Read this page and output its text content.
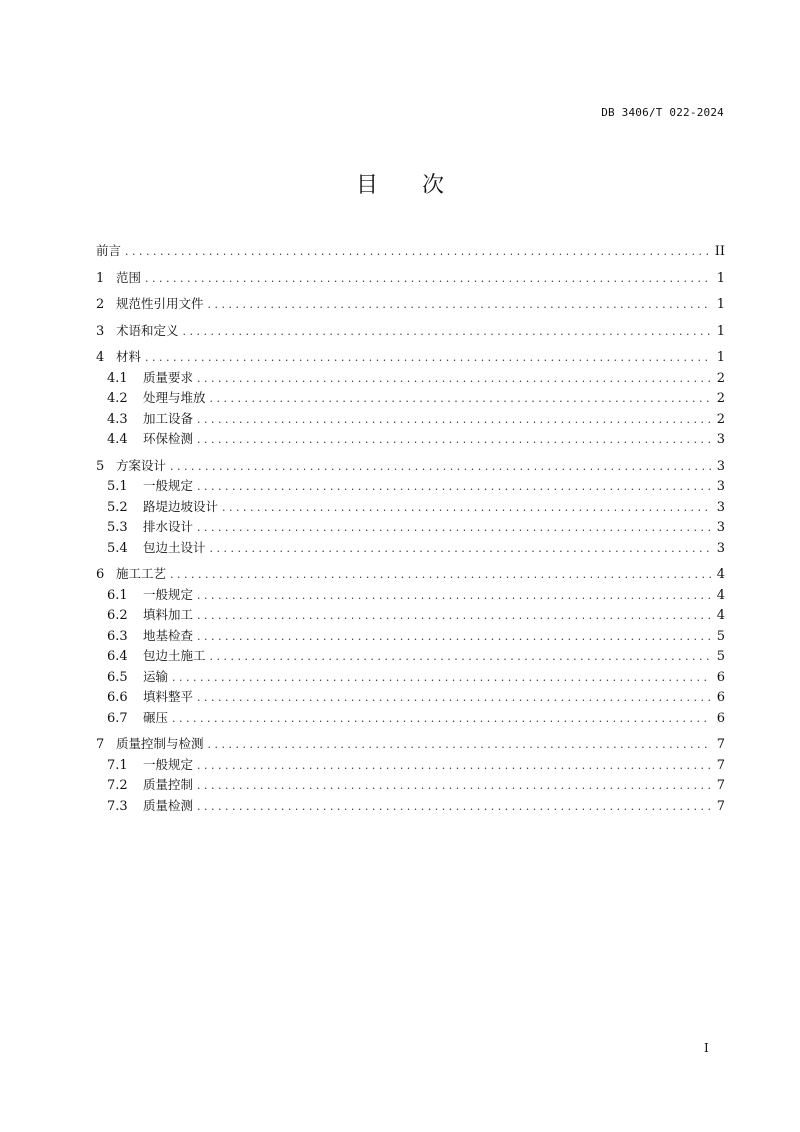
DB 3406/T 022-2024
目 次
前言 . . .	II
1 范围 . . .	1
2 规范性引用文件 . . .	1
3 术语和定义 . . .	1
4 材料 . . .	1
4.1	质量要求 . . .	2
4.2	处理与堆放 . . .	2
4.3	加工设备 . . .	2
4.4	环保检测 . . .	3
5 方案设计 . . .	3
5.1	一般规定 . . .	3
5.2	路堤边坡设计 . . .	3
5.3	排水设计 . . .	3
5.4	包边土设计 . . .	3
6 施工工艺 . . .	4
6.1	一般规定 . . .	4
6.2	填料加工 . . .	4
6.3	地基检查 . . .	5
6.4	包边土施工 . . .	5
6.5	运输 . . .	6
6.6	填料整平 . . .	6
6.7	碾压 . . .	6
7 质量控制与检测 . . .	7
7.1	一般规定 . . .	7
7.2	质量控制 . . .	7
7.3	质量检测 . . .	7
I
